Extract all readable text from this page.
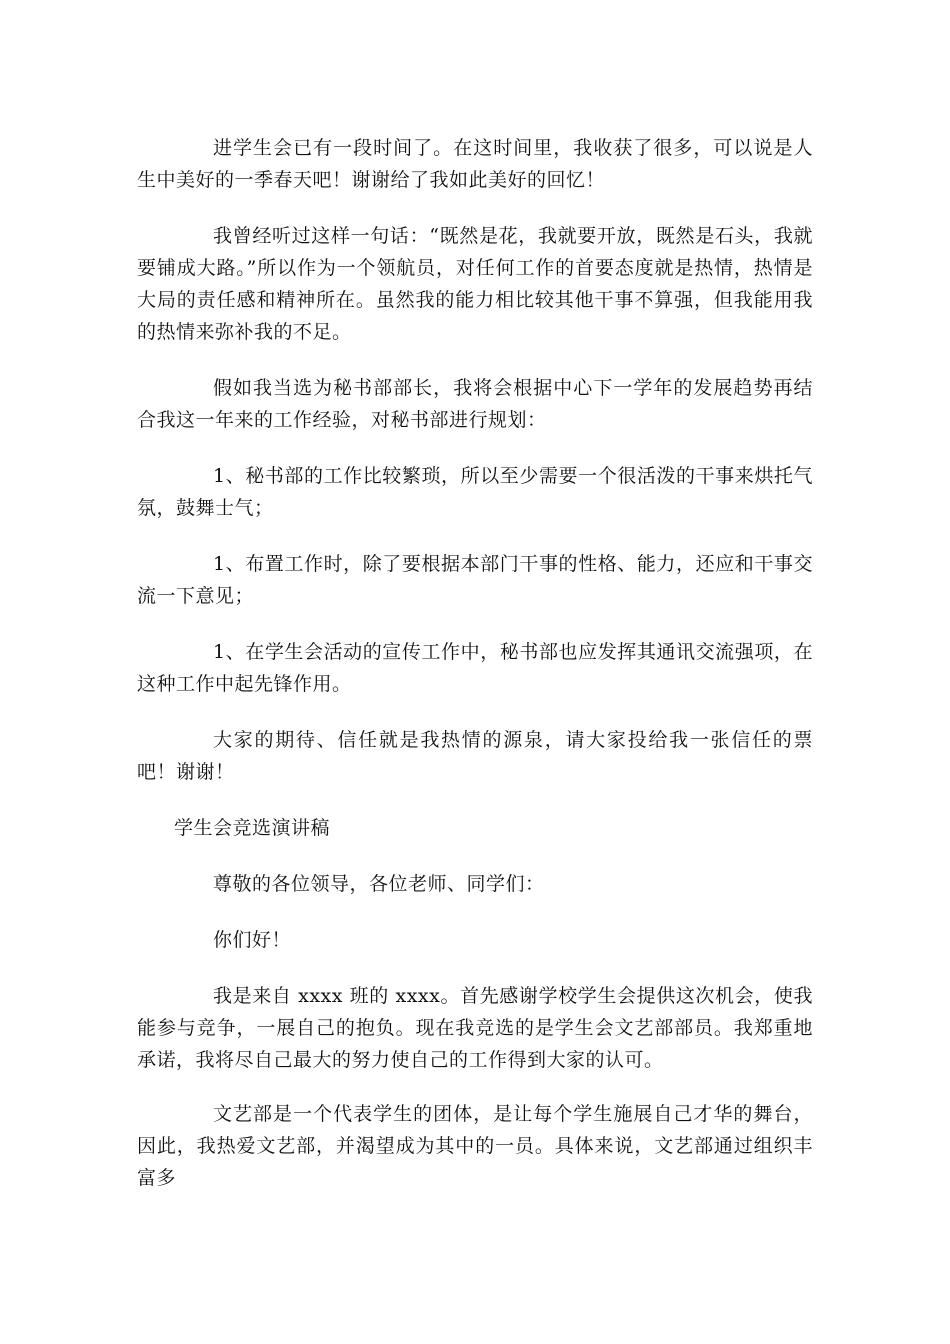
进学生会已有一段时间了。在这时间里，我收获了很多，可以说是人生中美好的一季春天吧！谢谢给了我如此美好的回忆！

我曾经听过这样一句话：“既然是花，我就要开放，既然是石头，我就要铺成大路。”所以作为一个领航员，对任何工作的首要态度就是热情，热情是大局的责任感和精神所在。虽然我的能力相比较其他干事不算强，但我能用我的热情来弥补我的不足。

假如我当选为秘书部部长，我将会根据中心下一学年的发展趋势再结合我这一年来的工作经验，对秘书部进行规划：

1、秘书部的工作比较繁琐，所以至少需要一个很活泼的干事来烘托气氛，鼓舞士气；

1、布置工作时，除了要根据本部门干事的性格、能力，还应和干事交流一下意见；

1、在学生会活动的宣传工作中，秘书部也应发挥其通讯交流强项，在这种工作中起先锋作用。

大家的期待、信任就是我热情的源泉，请大家投给我一张信任的票吧！谢谢！

学生会竞选演讲稿

尊敬的各位领导，各位老师、同学们：

你们好！

我是来自 xxxx 班的 xxxx。首先感谢学校学生会提供这次机会，使我能参与竞争，一展自己的抱负。现在我竞选的是学生会文艺部部员。我郑重地承诺，我将尽自己最大的努力使自己的工作得到大家的认可。

文艺部是一个代表学生的团体，是让每个学生施展自己才华的舞台，因此，我热爱文艺部，并渴望成为其中的一员。具体来说，文艺部通过组织丰富多
